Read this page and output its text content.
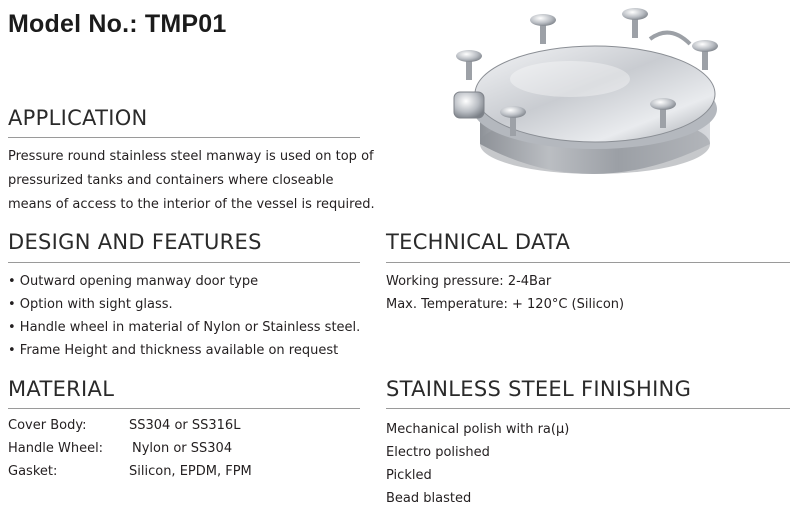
Model No.: TMP01
APPLICATION
Pressure round stainless steel manway is used on top of
pressurized tanks and containers where closeable
means of access to the interior of the vessel is required.
DESIGN AND FEATURES
• Outward opening manway door type
• Option with sight glass.
• Handle wheel in material of Nylon or Stainless steel.
• Frame Height and thickness available on request
TECHNICAL DATA
Working pressure: 2-4Bar
Max. Temperature: + 120°C (Silicon)
MATERIAL
Cover Body:	SS304 or SS316L
Handle Wheel: Nylon or SS304
Gasket:	Silicon, EPDM, FPM
STAINLESS STEEL FINISHING
Mechanical polish with ra(μ)
Electro polished
Pickled
Bead blasted
